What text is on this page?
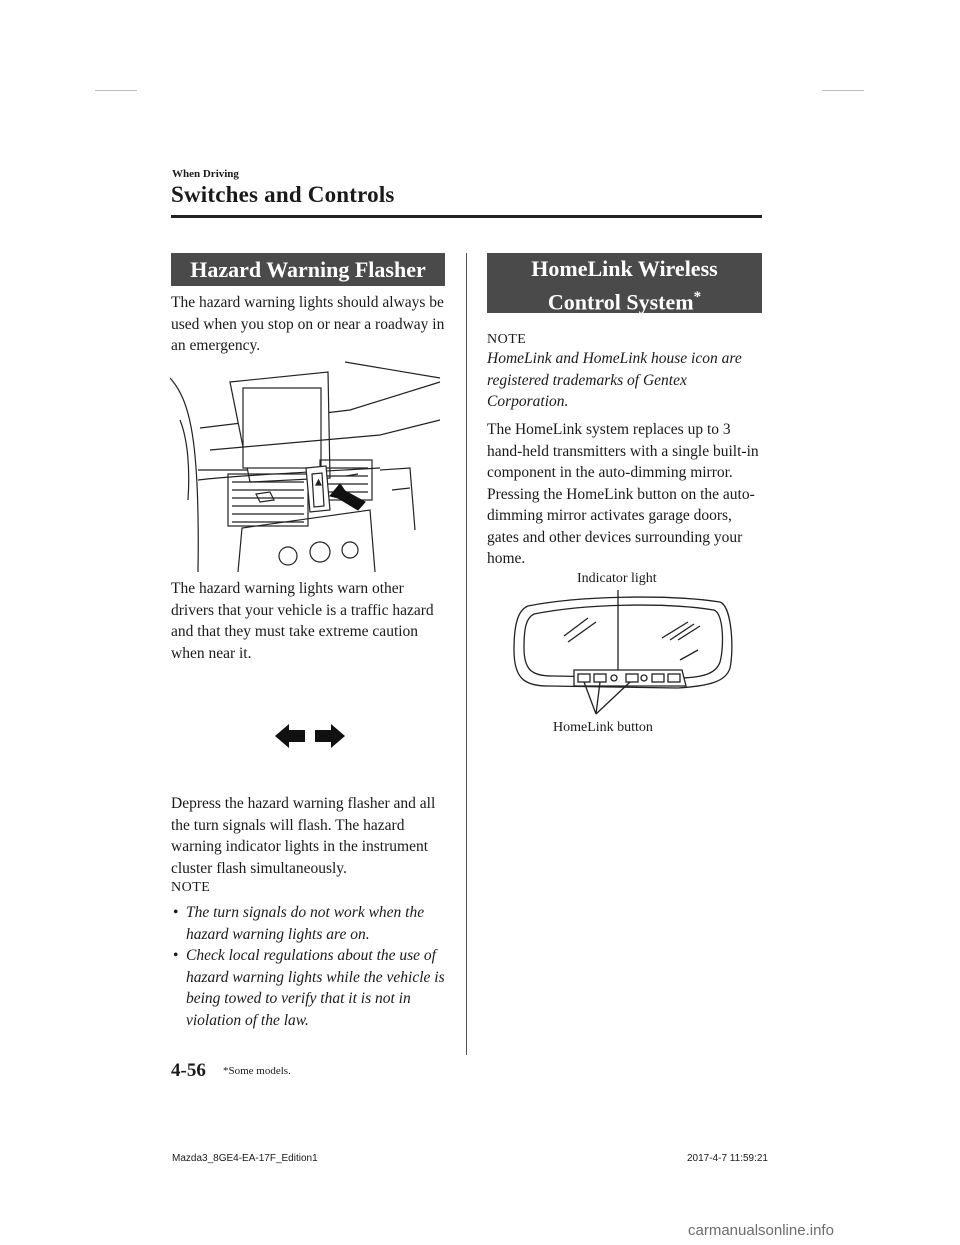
When Driving
Switches and Controls
Hazard Warning Flasher
The hazard warning lights should always be used when you stop on or near a roadway in an emergency.
The hazard warning lights warn other drivers that your vehicle is a traffic hazard and that they must take extreme caution when near it.
Depress the hazard warning flasher and all the turn signals will flash. The hazard warning indicator lights in the instrument cluster flash simultaneously.
NOTE
• The turn signals do not work when the hazard warning lights are on.
• Check local regulations about the use of hazard warning lights while the vehicle is being towed to verify that it is not in violation of the law.
HomeLink Wireless
Control System*
NOTE
HomeLink and HomeLink house icon are registered trademarks of Gentex Corporation.
The HomeLink system replaces up to 3 hand-held transmitters with a single built-in component in the auto-dimming mirror. Pressing the HomeLink button on the auto-dimming mirror activates garage doors, gates and other devices surrounding your home.
Indicator light
HomeLink button
4-56 *Some models.
Mazda3_8GE4-EA-17F_Edition1	2017-4-7 11:59:21
carmanualsonline.info
